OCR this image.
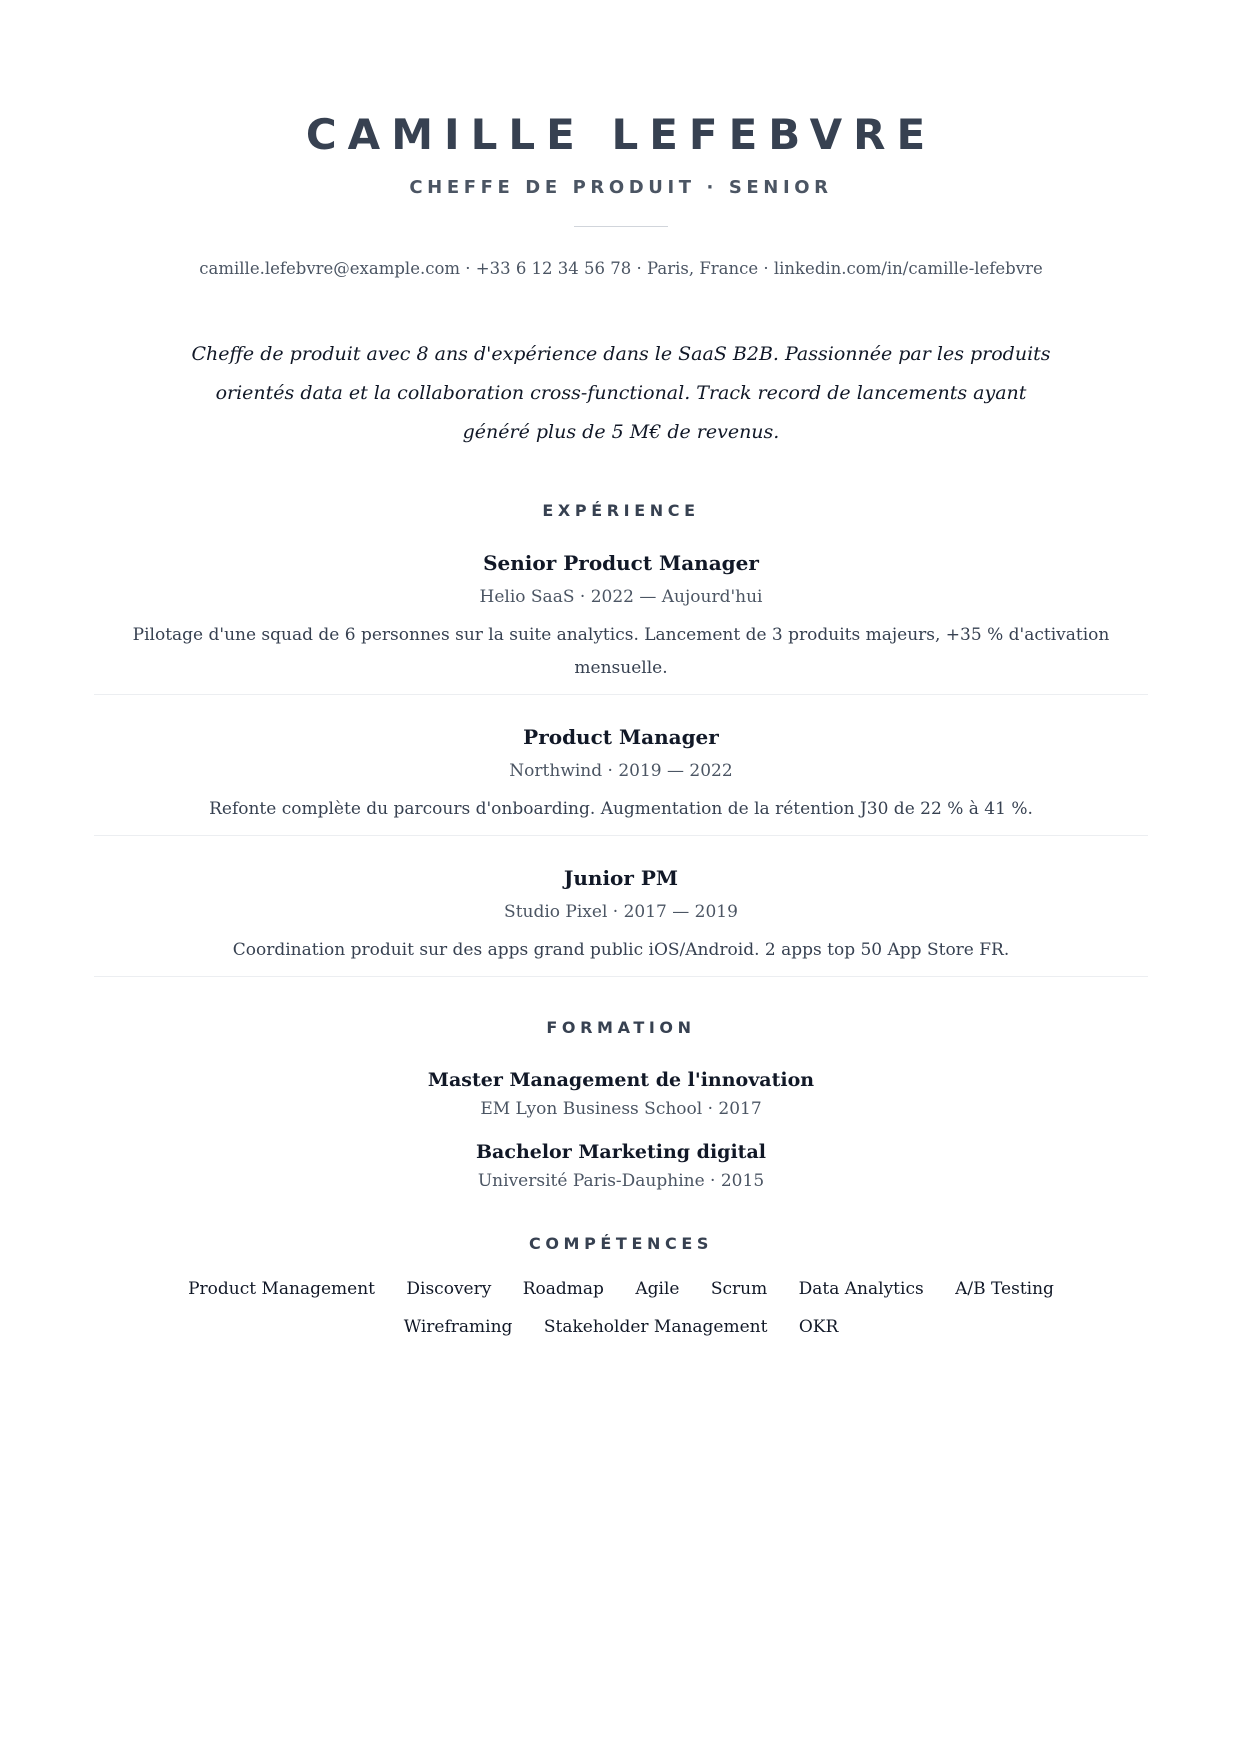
CAMILLE LEFEBVRE
CHEFFE DE PRODUIT · SENIOR
camille.lefebvre@example.com · +33 6 12 34 56 78 · Paris, France · linkedin.com/in/camille-lefebvre
Cheffe de produit avec 8 ans d'expérience dans le SaaS B2B. Passionnée par les produits orientés data et la collaboration cross-functional. Track record de lancements ayant généré plus de 5 M€ de revenus.
EXPÉRIENCE
Senior Product Manager
Helio SaaS · 2022 — Aujourd'hui
Pilotage d'une squad de 6 personnes sur la suite analytics. Lancement de 3 produits majeurs, +35 % d'activation mensuelle.
Product Manager
Northwind · 2019 — 2022
Refonte complète du parcours d'onboarding. Augmentation de la rétention J30 de 22 % à 41 %.
Junior PM
Studio Pixel · 2017 — 2019
Coordination produit sur des apps grand public iOS/Android. 2 apps top 50 App Store FR.
FORMATION
Master Management de l'innovation
EM Lyon Business School · 2017
Bachelor Marketing digital
Université Paris-Dauphine · 2015
COMPÉTENCES
Product Management Discovery Roadmap Agile Scrum Data Analytics A/B Testing Wireframing Stakeholder Management OKR
